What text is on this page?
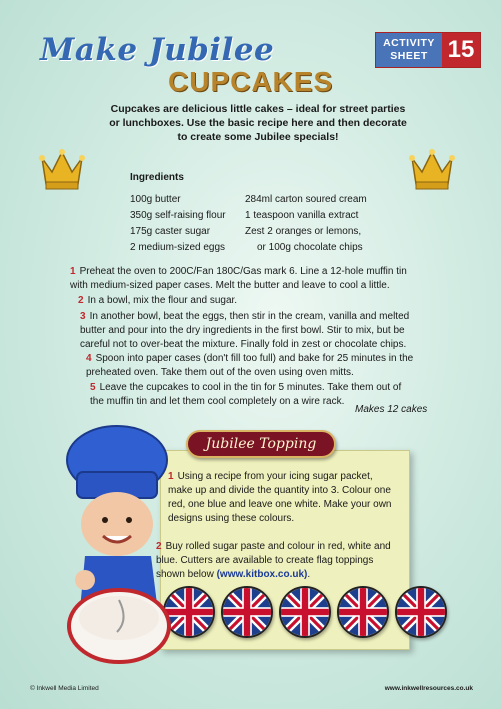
ACTIVITY
SHEET 15
Make Jubilee
CUPCAKES
Cupcakes are delicious little cakes – ideal for street parties or lunchboxes. Use the basic recipe here and then decorate to create some Jubilee specials!
Ingredients
100g butter
350g self-raising flour
175g caster sugar
2 medium-sized eggs
284ml carton soured cream
1 teaspoon vanilla extract
Zest 2 oranges or lemons,
or 100g chocolate chips
1 Preheat the oven to 200C/Fan 180C/Gas mark 6. Line a 12-hole muffin tin with medium-sized paper cases. Melt the butter and leave to cool a little.
2 In a bowl, mix the flour and sugar.
3 In another bowl, beat the eggs, then stir in the cream, vanilla and melted butter and pour into the dry ingredients in the first bowl. Stir to mix, but be careful not to over-beat the mixture. Finally fold in zest or chocolate chips.
4 Spoon into paper cases (don't fill too full) and bake for 25 minutes in the preheated oven. Take them out of the oven using oven mitts.
5 Leave the cupcakes to cool in the tin for 5 minutes. Take them out of the muffin tin and let them cool completely on a wire rack.
Makes 12 cakes
Jubilee Topping
1 Using a recipe from your icing sugar packet, make up and divide the quantity into 3. Colour one red, one blue and leave one white. Make your own designs using these colours.
2 Buy rolled sugar paste and colour in red, white and blue. Cutters are available to create flag toppings shown below (www.kitbox.co.uk).
© Inkwell Media Limited	www.inkwellresources.co.uk
